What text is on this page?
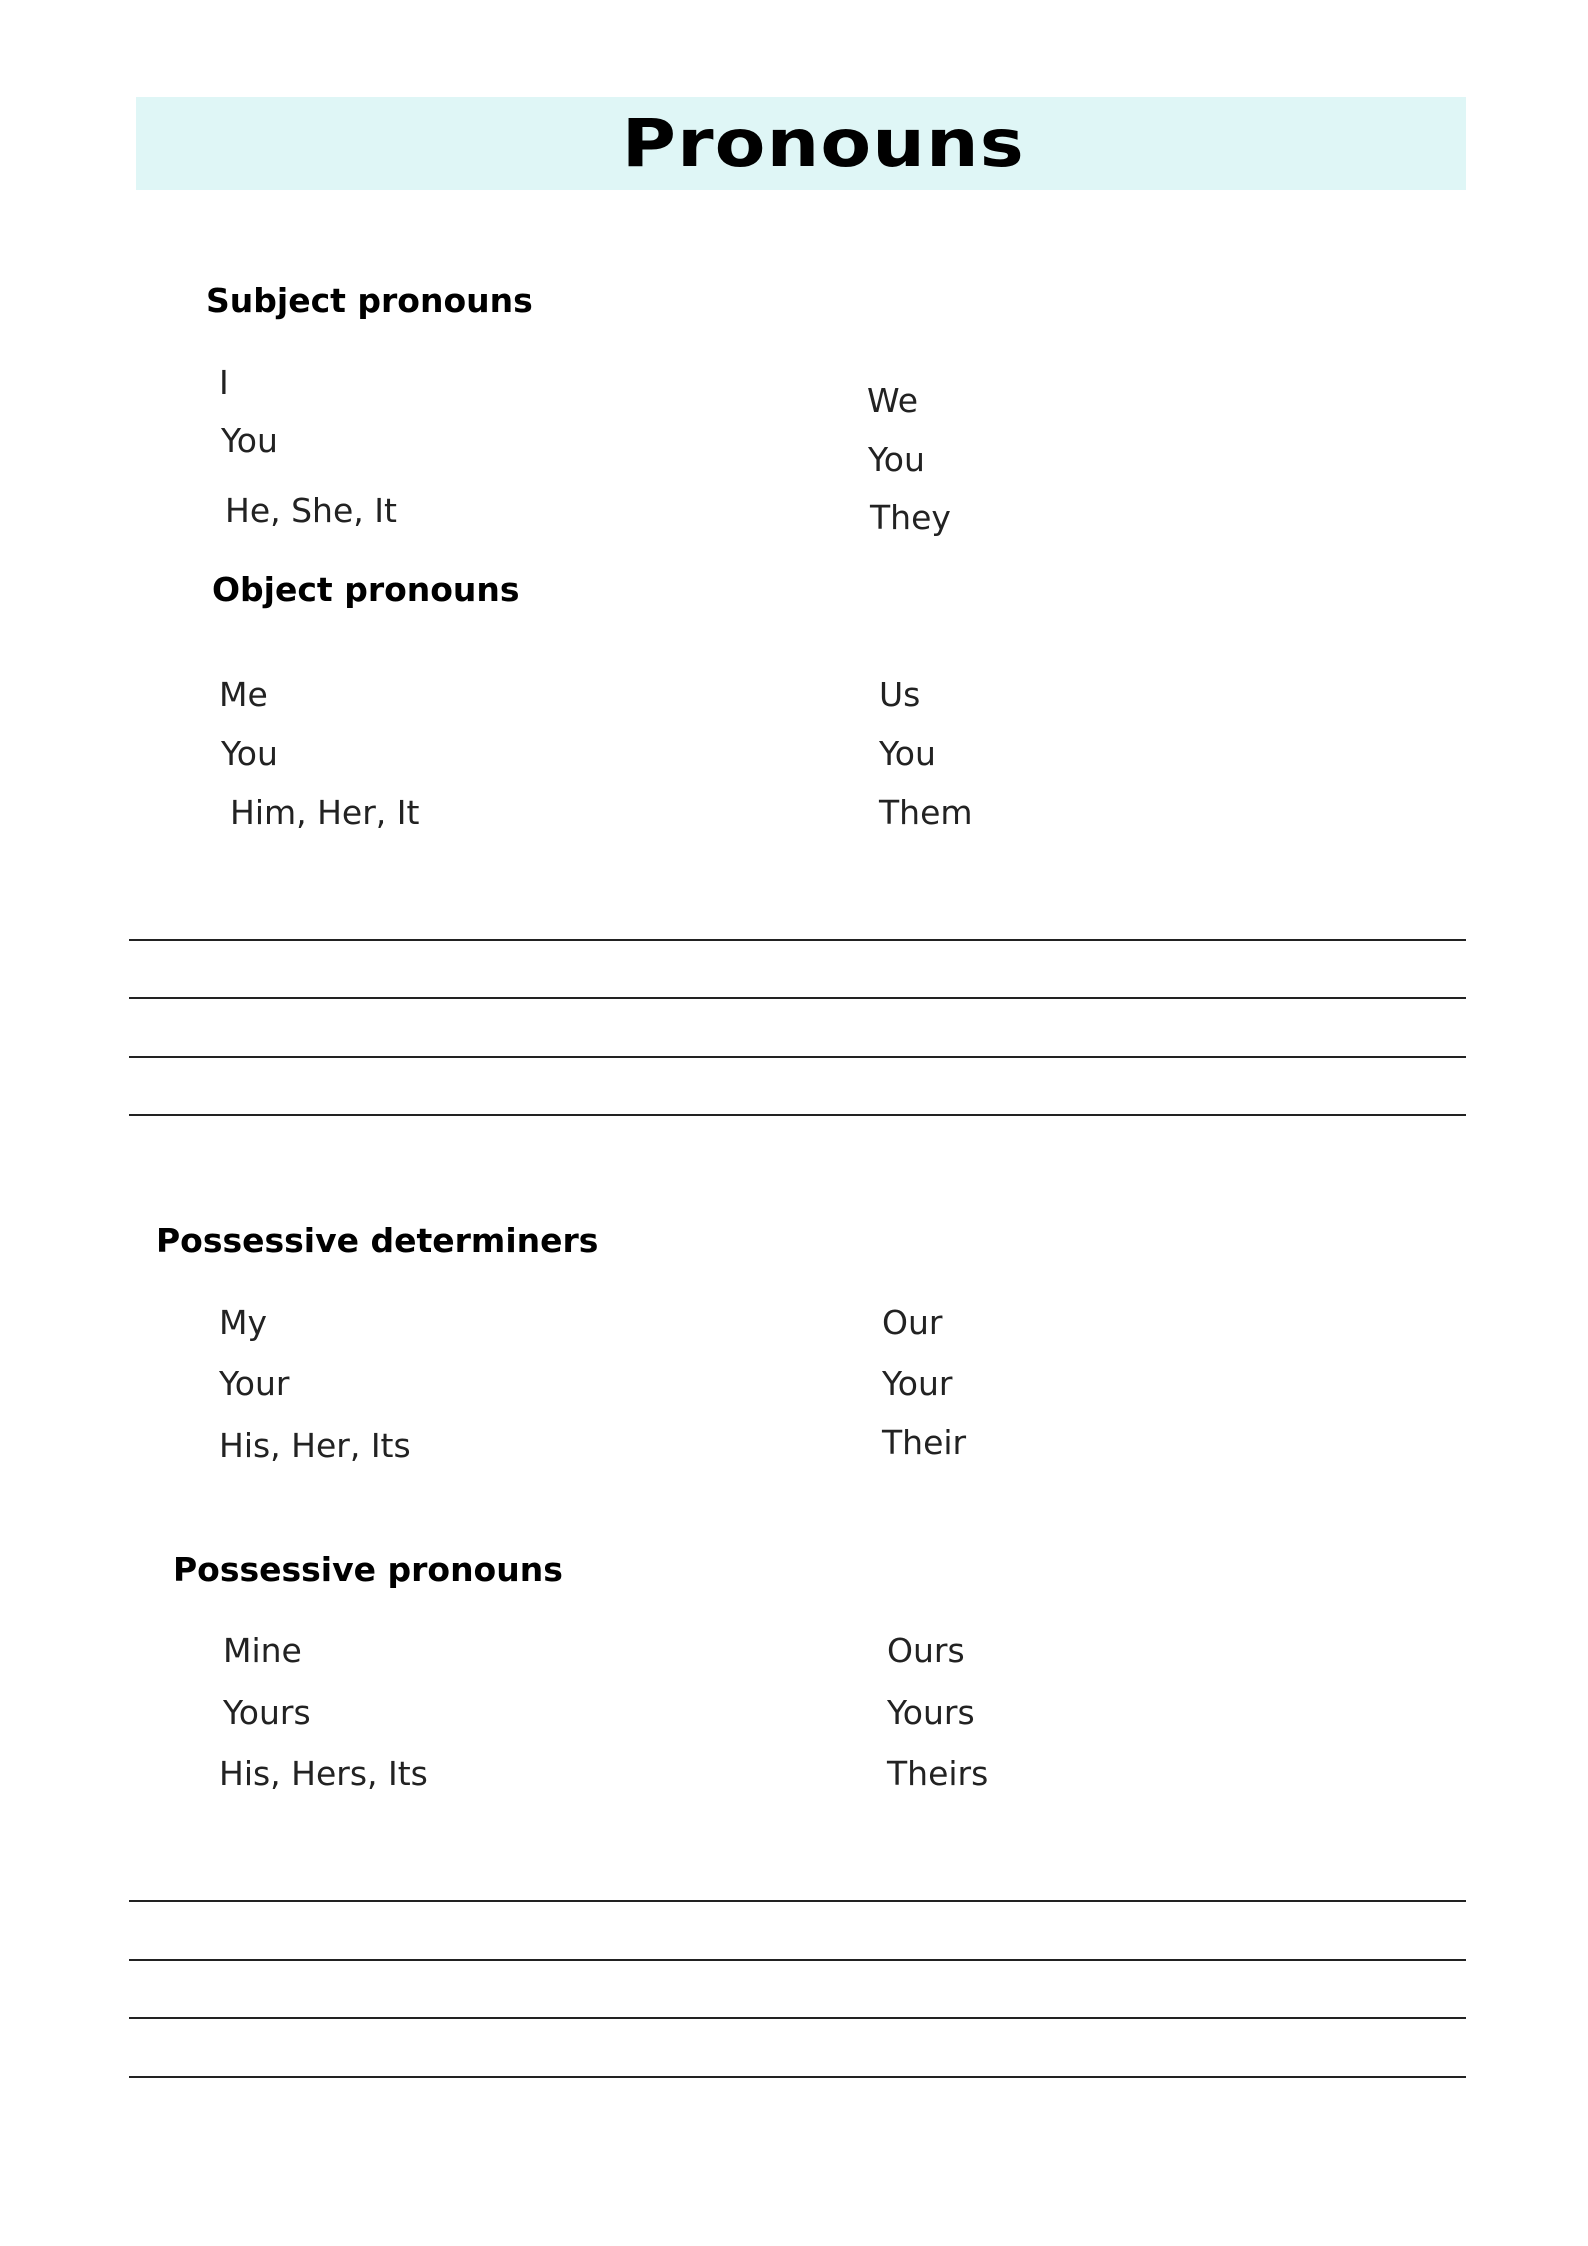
Pronouns
Subject pronouns
I
You
He, She, It
We
You
They
Object pronouns
Me
You
Him, Her, It
Us
You
Them
Possessive determiners
My
Your
His, Her, Its
Our
Your
Their
Possessive pronouns
Mine
Yours
His, Hers, Its
Ours
Yours
Theirs
